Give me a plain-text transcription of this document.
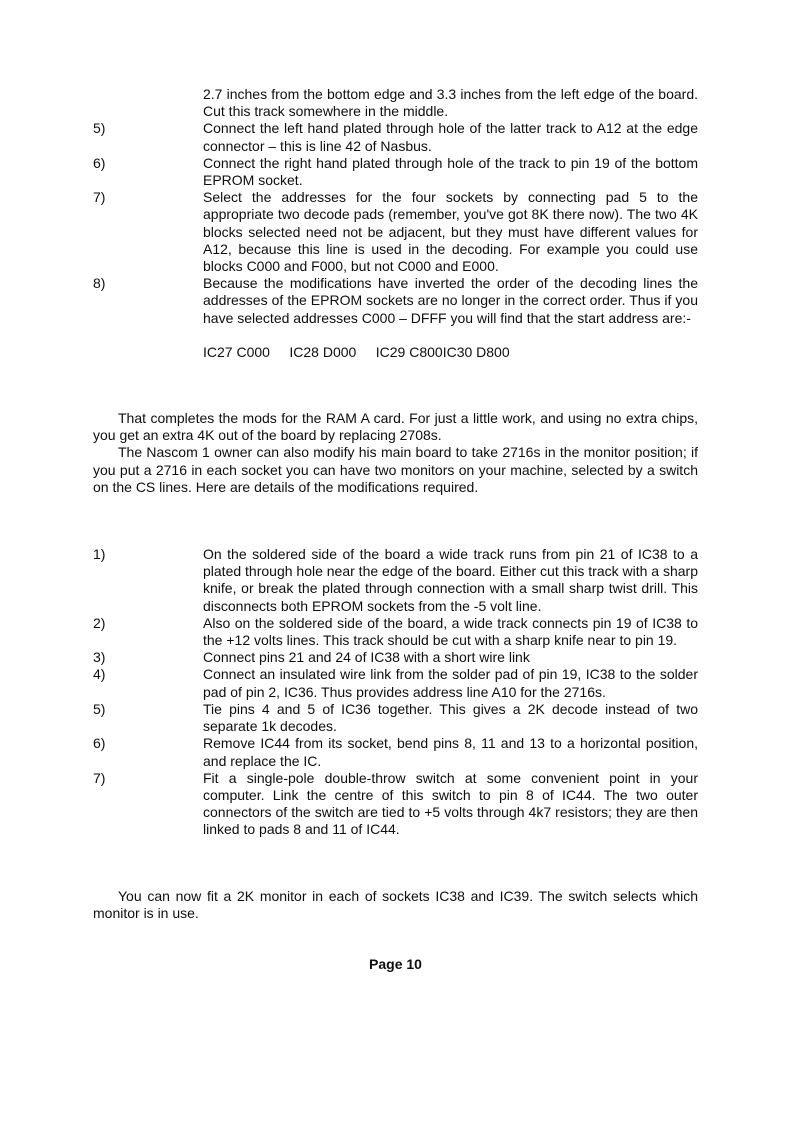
2.7 inches from the bottom edge and 3.3 inches from the left edge of the board. Cut this track somewhere in the middle.
5)	Connect the left hand plated through hole of the latter track to A12 at the edge connector – this is line 42 of Nasbus.
6)	Connect the right hand plated through hole of the track to pin 19 of the bottom EPROM socket.
7)	Select the addresses for the four sockets by connecting pad 5 to the appropriate two decode pads (remember, you've got 8K there now). The two 4K blocks selected need not be adjacent, but they must have different values for A12, because this line is used in the decoding. For example you could use blocks C000 and F000, but not C000 and E000.
8)	Because the modifications have inverted the order of the decoding lines the addresses of the EPROM sockets are no longer in the correct order. Thus if you have selected addresses C000 – DFFF you will find that the start address are:-
IC27 C000     IC28 D000     IC29 C800IC30 D800

That completes the mods for the RAM A card. For just a little work, and using no extra chips, you get an extra 4K out of the board by replacing 2708s.

The Nascom 1 owner can also modify his main board to take 2716s in the monitor position; if you put a 2716 in each socket you can have two monitors on your machine, selected by a switch on the CS lines. Here are details of the modifications required.

1)	On the soldered side of the board a wide track runs from pin 21 of IC38 to a plated through hole near the edge of the board. Either cut this track with a sharp knife, or break the plated through connection with a small sharp twist drill. This disconnects both EPROM sockets from the -5 volt line.
2)	Also on the soldered side of the board, a wide track connects pin 19 of IC38 to the +12 volts lines. This track should be cut with a sharp knife near to pin 19.
3)	Connect pins 21 and 24 of IC38 with a short wire link
4)	Connect an insulated wire link from the solder pad of pin 19, IC38 to the solder pad of pin 2, IC36. Thus provides address line A10 for the 2716s.
5)	Tie pins 4 and 5 of IC36 together. This gives a 2K decode instead of two separate 1k decodes.
6)	Remove IC44 from its socket, bend pins 8, 11 and 13 to a horizontal position, and replace the IC.
7)	Fit a single-pole double-throw switch at some convenient point in your computer. Link the centre of this switch to pin 8 of IC44. The two outer connectors of the switch are tied to +5 volts through 4k7 resistors; they are then linked to pads 8 and 11 of IC44.

You can now fit a 2K monitor in each of sockets IC38 and IC39. The switch selects which monitor is in use.

Page 10
